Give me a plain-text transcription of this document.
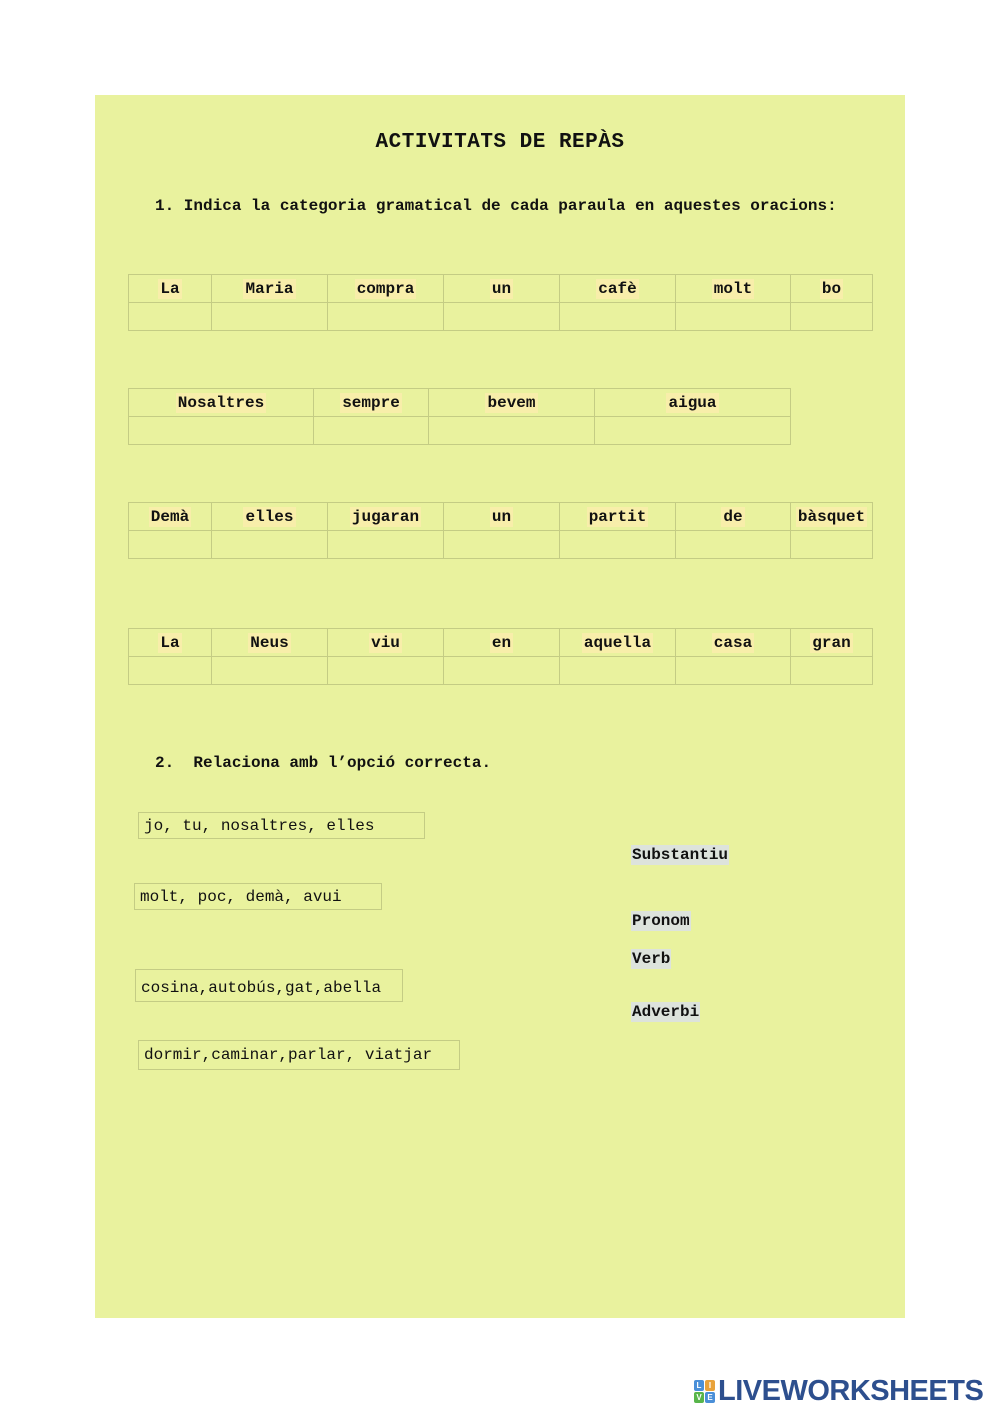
ACTIVITATS DE REPÀS
1. Indica la categoria gramatical de cada paraula en aquestes oracions:
La	Maria	compra	un	cafè	molt	bo

Nosaltres	sempre	bevem	aigua

Demà	elles	jugaran	un	partit	de	bàsquet

La	Neus	viu	en	aquella	casa	gran

2.  Relaciona amb l’opció correcta.
jo, tu, nosaltres, elles
molt, poc, demà, avui
cosina,autobús,gat,abella
dormir,caminar,parlar, viatjar
Substantiu
Pronom
Verb
Adverbi
L I
V E LIVEWORKSHEETS
